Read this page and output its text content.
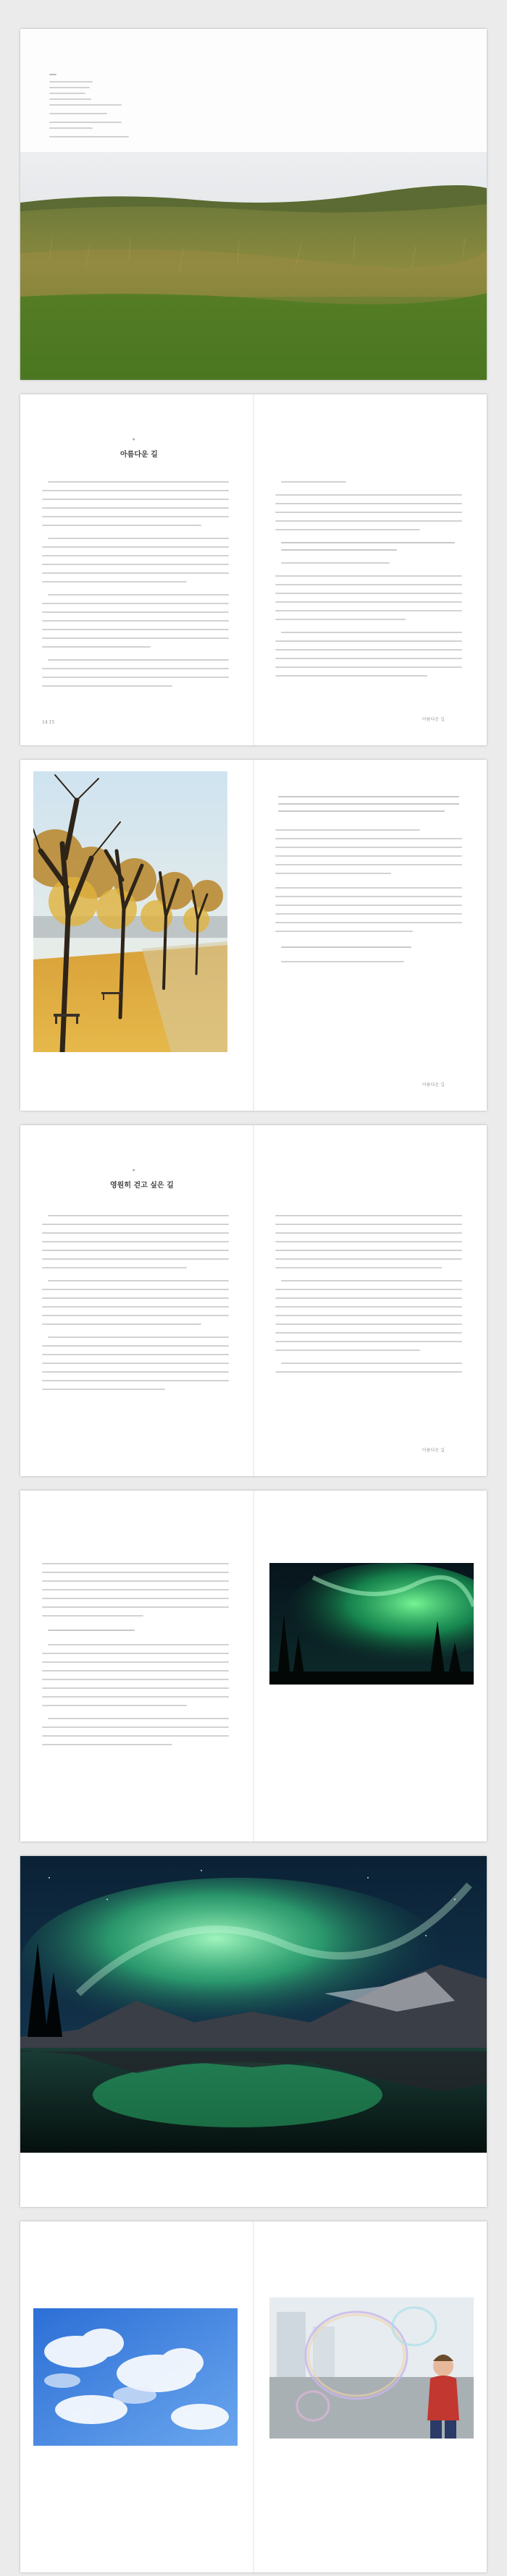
*
아름다운 길
14 15
아름다운 길
아름다운 길
*
영원히 걷고 싶은 길
아름다운 길
